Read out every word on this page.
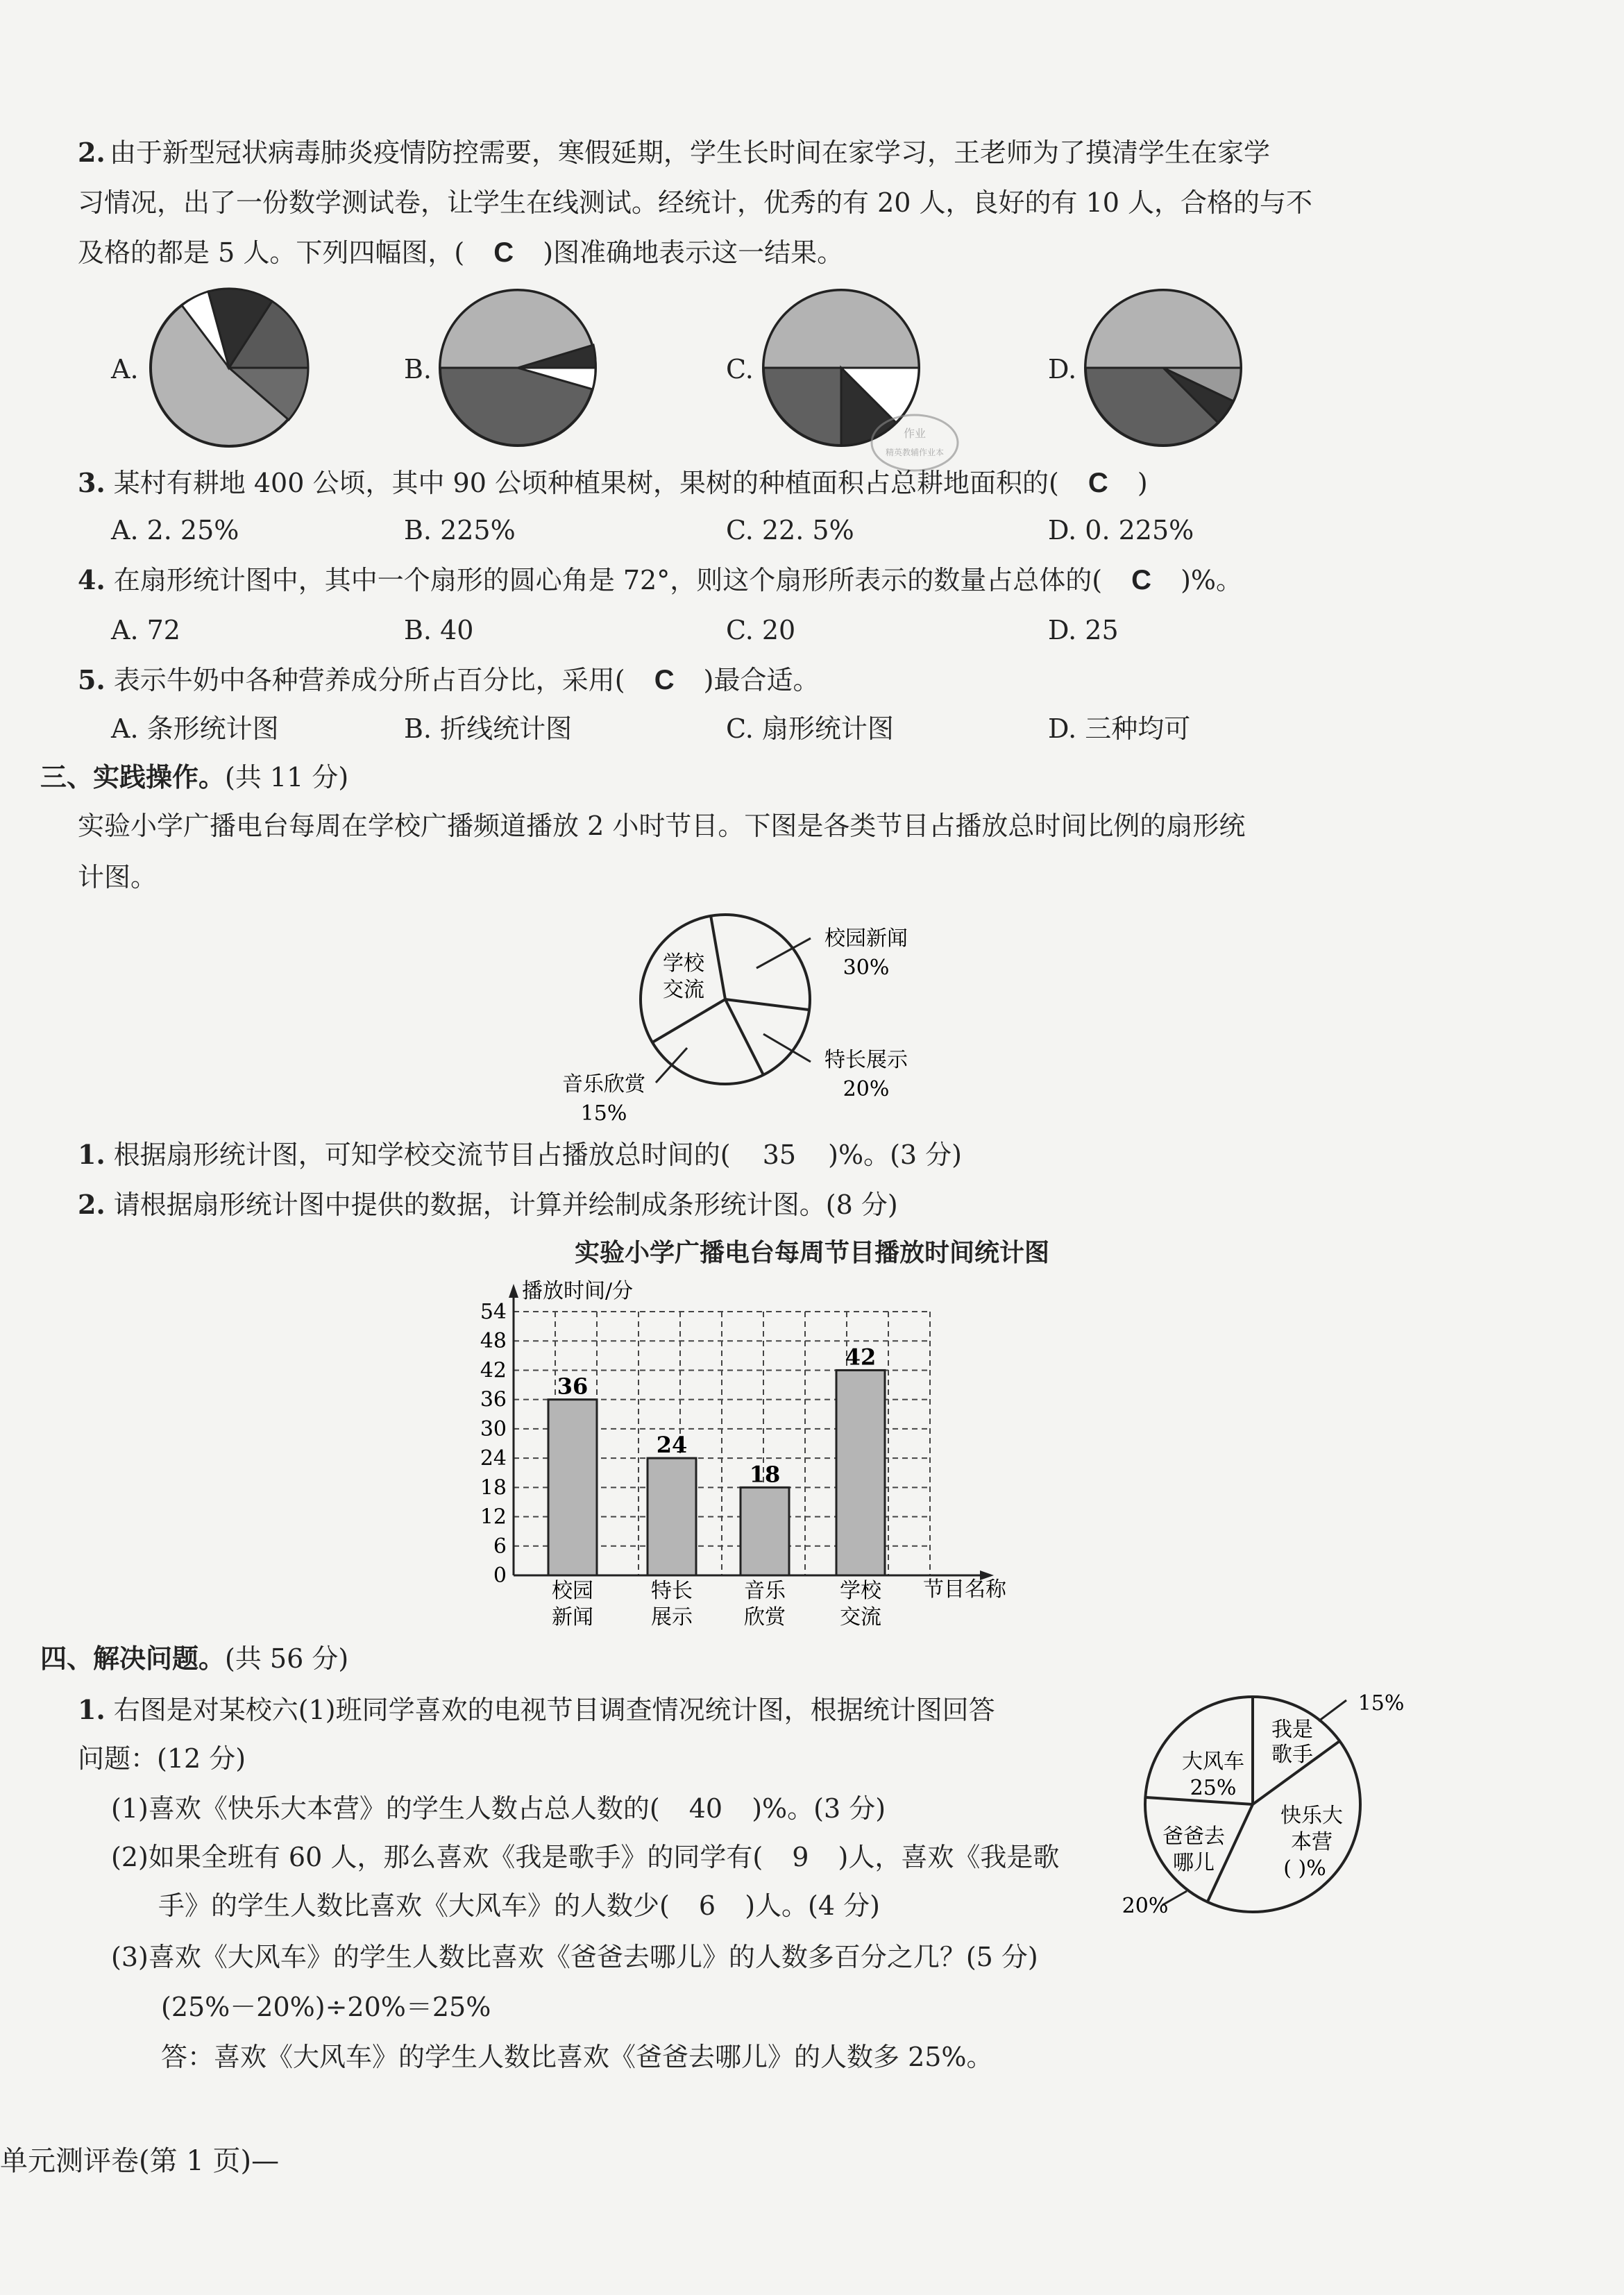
2. 由于新型冠状病毒肺炎疫情防控需要，寒假延期，学生长时间在家学习，王老师为了摸清学生在家学
习情况，出了一份数学测试卷，让学生在线测试。经统计，优秀的有 20 人，良好的有 10 人，合格的与不
及格的都是 5 人。下列四幅图，( C )图准确地表示这一结果。
A.	B.	C.	D.
作业
精英教辅作业本
3. 某村有耕地 400 公顷，其中 90 公顷种植果树，果树的种植面积占总耕地面积的( C )
A. 2. 25%	B. 225%	C. 22. 5%	D. 0. 225%
4. 在扇形统计图中，其中一个扇形的圆心角是 72°，则这个扇形所表示的数量占总体的( C )%。
A. 72	B. 40	C. 20	D. 25
5. 表示牛奶中各种营养成分所占百分比，采用( C )最合适。
A. 条形统计图	B. 折线统计图	C. 扇形统计图	D. 三种均可
三、实践操作。(共 11 分)
实验小学广播电台每周在学校广播频道播放 2 小时节目。下图是各类节目占播放总时间比例的扇形统
计图。
学校
交流
校园新闻
30%
特长展示
20%
音乐欣赏
15%
1. 根据扇形统计图，可知学校交流节目占播放总时间的( 35 )%。(3 分)
2. 请根据扇形统计图中提供的数据，计算并绘制成条形统计图。(8 分)
实验小学广播电台每周节目播放时间统计图
播放时间/分
节目名称
0
6
12
18
24
30
36
42
48
54
36
24
18
42
校园
新闻
特长
展示
音乐
欣赏
学校
交流
四、解决问题。(共 56 分)
1. 右图是对某校六(1)班同学喜欢的电视节目调查情况统计图，根据统计图回答
问题：(12 分)
(1)喜欢《快乐大本营》的学生人数占总人数的( 40 )%。(3 分)
(2)如果全班有 60 人，那么喜欢《我是歌手》的同学有( 9 )人，喜欢《我是歌
手》的学生人数比喜欢《大风车》的人数少( 6 )人。(4 分)
(3)喜欢《大风车》的学生人数比喜欢《爸爸去哪儿》的人数多百分之几？(5 分)
(25%－20%)÷20%＝25%
答：喜欢《大风车》的学生人数比喜欢《爸爸去哪儿》的人数多 25%。
我是
歌手
15%
大风车
25%
快乐大
本营
( )%
爸爸去
哪儿
20%
单元测评卷(第 1 页)—
